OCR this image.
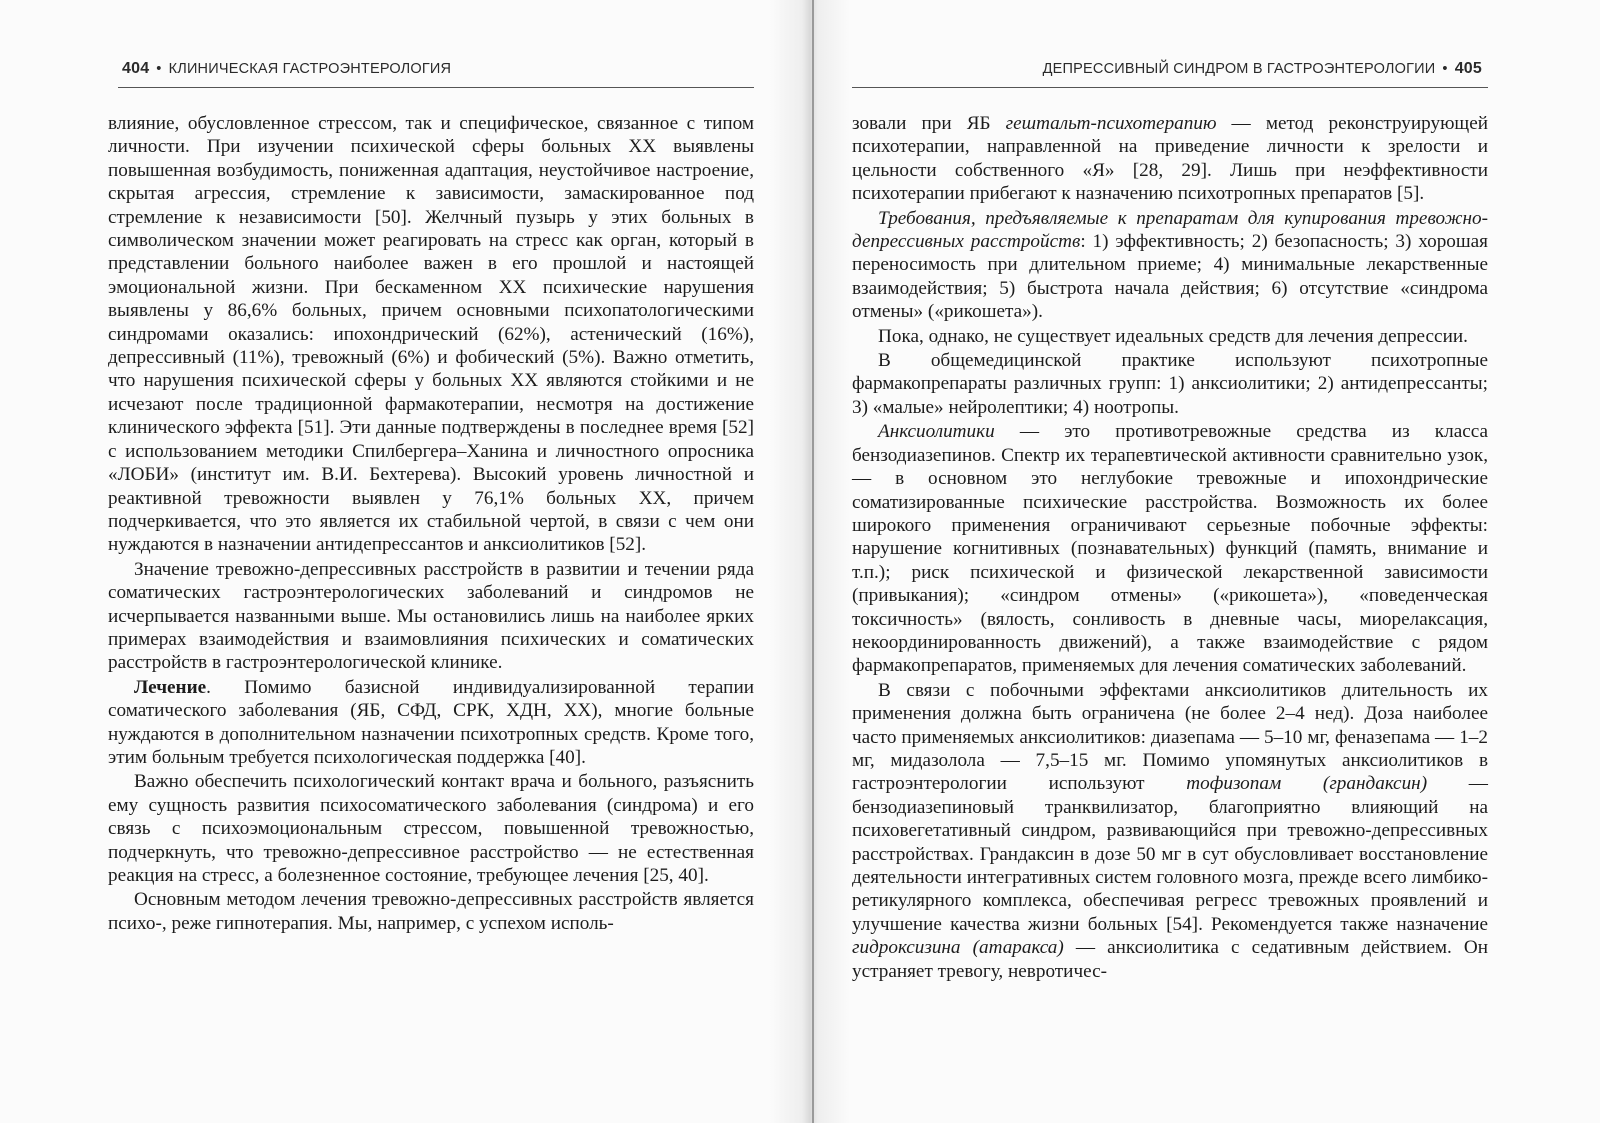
404 • КЛИНИЧЕСКАЯ ГАСТРОЭНТЕРОЛОГИЯ

влияние, обусловленное стрессом, так и специфическое, связанное с типом личности. При изучении психической сферы больных ХХ выявлены повышенная возбудимость, пониженная адаптация, неустойчивое настроение, скрытая агрессия, стремление к зависимости, замаскированное под стремление к независимости [50]. Желчный пузырь у этих больных в символическом значении может реагировать на стресс как орган, который в представлении больного наиболее важен в его прошлой и настоящей эмоциональной жизни. При бескаменном ХХ психические нарушения выявлены у 86,6% больных, причем основными психопатологическими синдромами оказались: ипохондрический (62%), астенический (16%), депрессивный (11%), тревожный (6%) и фобический (5%). Важно отметить, что нарушения психической сферы у больных ХХ являются стойкими и не исчезают после традиционной фармакотерапии, несмотря на достижение клинического эффекта [51]. Эти данные подтверждены в последнее время [52] с использованием методики Спилбергера–Ханина и личностного опросника «ЛОБИ» (институт им. В.И. Бехтерева). Высокий уровень личностной и реактивной тревожности выявлен у 76,1% больных ХХ, причем подчеркивается, что это является их стабильной чертой, в связи с чем они нуждаются в назначении антидепрессантов и анксиолитиков [52].

Значение тревожно-депрессивных расстройств в развитии и течении ряда соматических гастроэнтерологических заболеваний и синдромов не исчерпывается названными выше. Мы остановились лишь на наиболее ярких примерах взаимодействия и взаимовлияния психических и соматических расстройств в гастроэнтерологической клинике.

Лечение. Помимо базисной индивидуализированной терапии соматического заболевания (ЯБ, СФД, СРК, ХДН, ХХ), многие больные нуждаются в дополнительном назначении психотропных средств. Кроме того, этим больным требуется психологическая поддержка [40].

Важно обеспечить психологический контакт врача и больного, разъяснить ему сущность развития психосоматического заболевания (синдрома) и его связь с психоэмоциональным стрессом, повышенной тревожностью, подчеркнуть, что тревожно-депрессивное расстройство — не естественная реакция на стресс, а болезненное состояние, требующее лечения [25, 40].

Основным методом лечения тревожно-депрессивных расстройств является психо-, реже гипнотерапия. Мы, например, с успехом исполь-

ДЕПРЕССИВНЫЙ СИНДРОМ В ГАСТРОЭНТЕРОЛОГИИ • 405

зовали при ЯБ гештальт-психотерапию — метод реконструирующей психотерапии, направленной на приведение личности к зрелости и цельности собственного «Я» [28, 29]. Лишь при неэффективности психотерапии прибегают к назначению психотропных препаратов [5].

Требования, предъявляемые к препаратам для купирования тревожно-депрессивных расстройств: 1) эффективность; 2) безопасность; 3) хорошая переносимость при длительном приеме; 4) минимальные лекарственные взаимодействия; 5) быстрота начала действия; 6) отсутствие «синдрома отмены» («рикошета»).

Пока, однако, не существует идеальных средств для лечения депрессии.

В общемедицинской практике используют психотропные фармакопрепараты различных групп: 1) анксиолитики; 2) антидепрессанты; 3) «малые» нейролептики; 4) ноотропы.

Анксиолитики — это противотревожные средства из класса бензодиазепинов. Спектр их терапевтической активности сравнительно узок, — в основном это неглубокие тревожные и ипохондрические соматизированные психические расстройства. Возможность их более широкого применения ограничивают серьезные побочные эффекты: нарушение когнитивных (познавательных) функций (память, внимание и т.п.); риск психической и физической лекарственной зависимости (привыкания); «синдром отмены» («рикошета»), «поведенческая токсичность» (вялость, сонливость в дневные часы, миорелаксация, некоординированность движений), а также взаимодействие с рядом фармакопрепаратов, применяемых для лечения соматических заболеваний.

В связи с побочными эффектами анксиолитиков длительность их применения должна быть ограничена (не более 2–4 нед). Доза наиболее часто применяемых анксиолитиков: диазепама — 5–10 мг, феназепама — 1–2 мг, мидазолола — 7,5–15 мг. Помимо упомянутых анксиолитиков в гастроэнтерологии используют тофизопам (грандаксин) — бензодиазепиновый транквилизатор, благоприятно влияющий на психовегетативный синдром, развивающийся при тревожно-депрессивных расстройствах. Грандаксин в дозе 50 мг в сут обусловливает восстановление деятельности интегративных систем головного мозга, прежде всего лимбико-ретикулярного комплекса, обеспечивая регресс тревожных проявлений и улучшение качества жизни больных [54]. Рекомендуется также назначение гидроксизина (атаракса) — анксиолитика с седативным действием. Он устраняет тревогу, невротичес-
